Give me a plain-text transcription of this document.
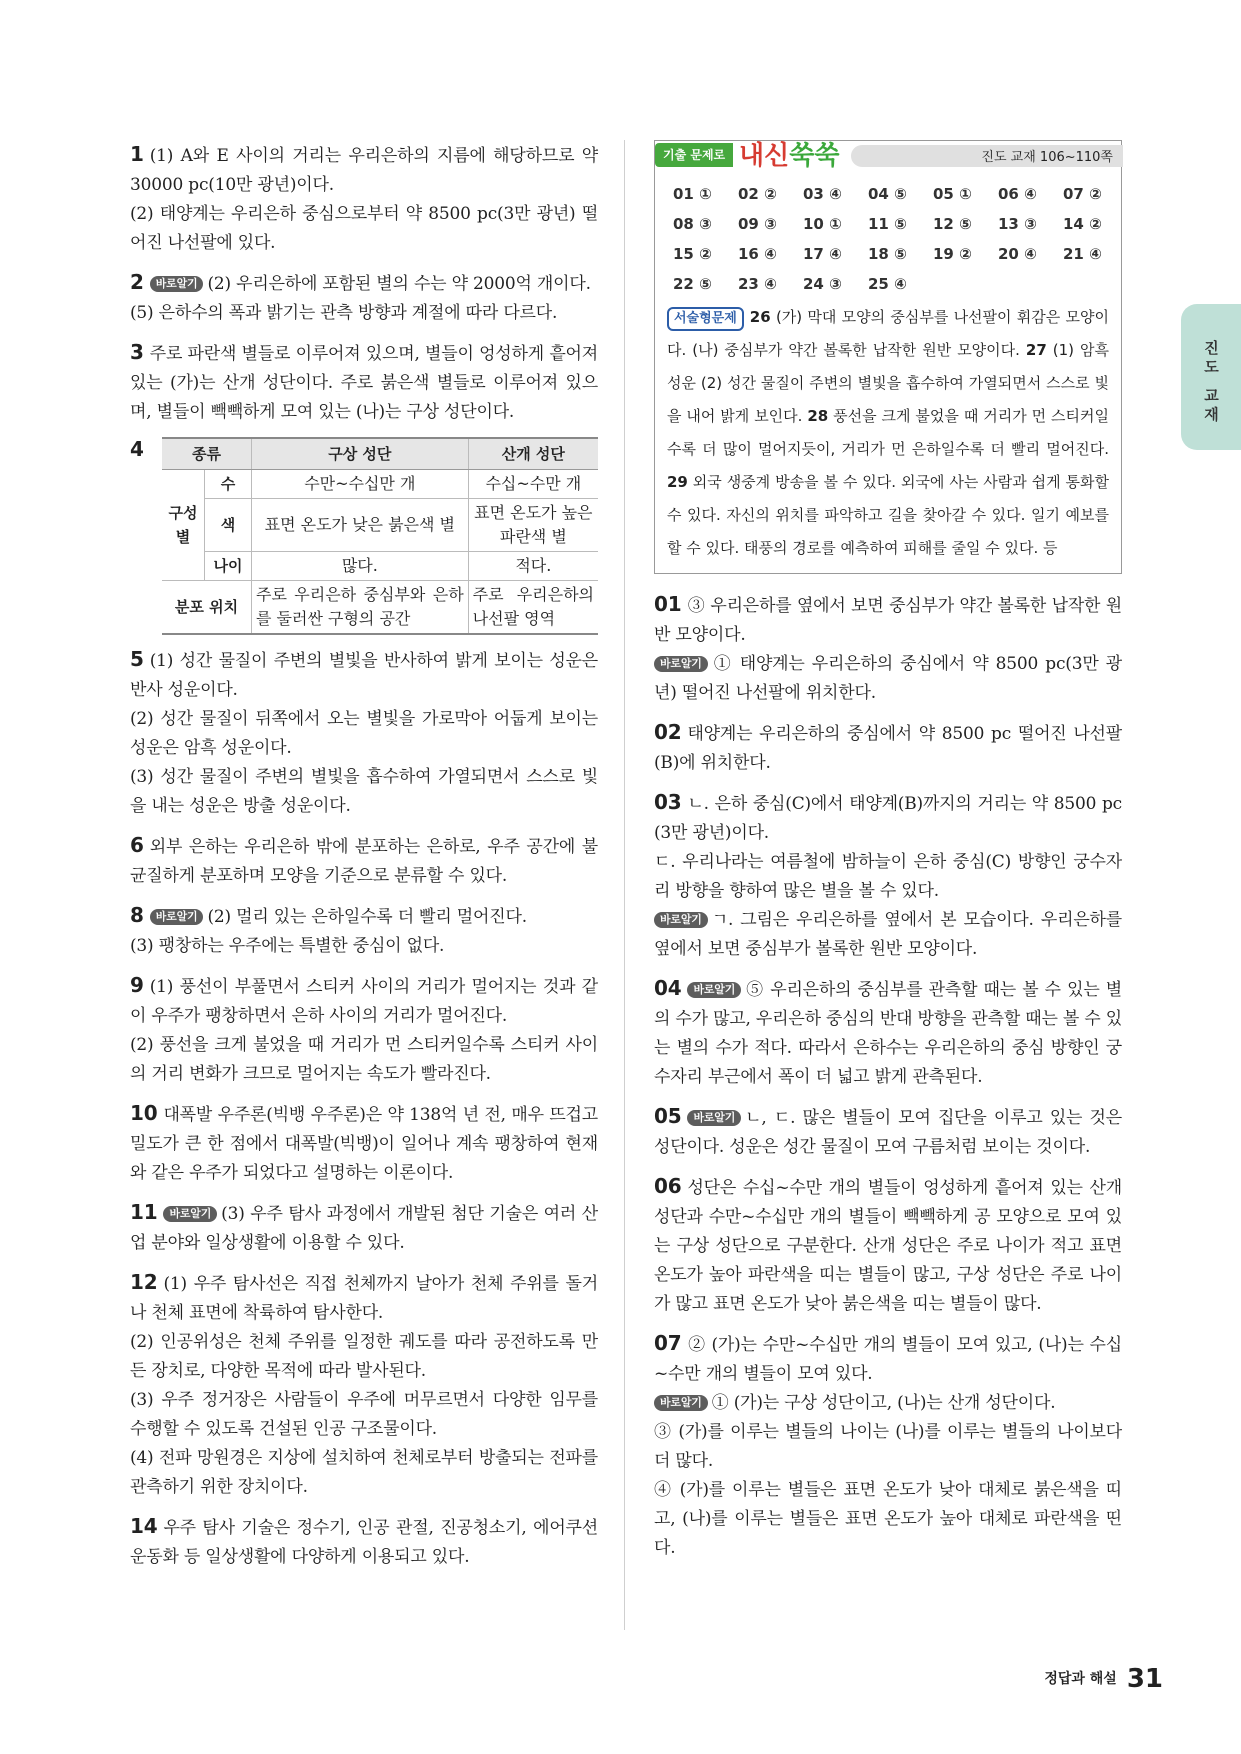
진도 교재

1 (1) A와 E 사이의 거리는 우리은하의 지름에 해당하므로 약 30000 pc(10만 광년)이다.

(2) 태양계는 우리은하 중심으로부터 약 8500 pc(3만 광년) 떨어진 나선팔에 있다.

2 바로알기 (2) 우리은하에 포함된 별의 수는 약 2000억 개이다.

(5) 은하수의 폭과 밝기는 관측 방향과 계절에 따라 다르다.

3 주로 파란색 별들로 이루어져 있으며, 별들이 엉성하게 흩어져 있는 (가)는 산개 성단이다. 주로 붉은색 별들로 이루어져 있으며, 별들이 빽빽하게 모여 있는 (나)는 구상 성단이다.

4	종류		구상 성단	산개 성단
구성 별	수	수만~수십만 개	수십~수만 개
	색	표면 온도가 낮은 붉은색 별	표면 온도가 높은 파란색 별
	나이	많다.	적다.
분포 위치		주로 우리은하 중심부와 은하를 둘러싼 구형의 공간	주로 우리은하의 나선팔 영역

5 (1) 성간 물질이 주변의 별빛을 반사하여 밝게 보이는 성운은 반사 성운이다.

(2) 성간 물질이 뒤쪽에서 오는 별빛을 가로막아 어둡게 보이는 성운은 암흑 성운이다.

(3) 성간 물질이 주변의 별빛을 흡수하여 가열되면서 스스로 빛을 내는 성운은 방출 성운이다.

6 외부 은하는 우리은하 밖에 분포하는 은하로, 우주 공간에 불균질하게 분포하며 모양을 기준으로 분류할 수 있다.

8 바로알기 (2) 멀리 있는 은하일수록 더 빨리 멀어진다.

(3) 팽창하는 우주에는 특별한 중심이 없다.

9 (1) 풍선이 부풀면서 스티커 사이의 거리가 멀어지는 것과 같이 우주가 팽창하면서 은하 사이의 거리가 멀어진다.

(2) 풍선을 크게 불었을 때 거리가 먼 스티커일수록 스티커 사이의 거리 변화가 크므로 멀어지는 속도가 빨라진다.

10 대폭발 우주론(빅뱅 우주론)은 약 138억 년 전, 매우 뜨겁고 밀도가 큰 한 점에서 대폭발(빅뱅)이 일어나 계속 팽창하여 현재와 같은 우주가 되었다고 설명하는 이론이다.

11 바로알기 (3) 우주 탐사 과정에서 개발된 첨단 기술은 여러 산업 분야와 일상생활에 이용할 수 있다.

12 (1) 우주 탐사선은 직접 천체까지 날아가 천체 주위를 돌거나 천체 표면에 착륙하여 탐사한다.

(2) 인공위성은 천체 주위를 일정한 궤도를 따라 공전하도록 만든 장치로, 다양한 목적에 따라 발사된다.

(3) 우주 정거장은 사람들이 우주에 머무르면서 다양한 임무를 수행할 수 있도록 건설된 인공 구조물이다.

(4) 전파 망원경은 지상에 설치하여 천체로부터 방출되는 전파를 관측하기 위한 장치이다.

14 우주 탐사 기술은 정수기, 인공 관절, 진공청소기, 에어쿠션 운동화 등 일상생활에 다양하게 이용되고 있다.

기출 문제로 내신쑥쑥	진도 교재 106~110쪽
01 ①	02 ②	03 ④	04 ⑤	05 ①	06 ④	07 ②
08 ③	09 ③	10 ①	11 ⑤	12 ⑤	13 ③	14 ②
15 ②	16 ④	17 ④	18 ⑤	19 ②	20 ④	21 ④
22 ⑤	23 ④	24 ③	25 ④
서술형문제 26 (가) 막대 모양의 중심부를 나선팔이 휘감은 모양이다. (나) 중심부가 약간 볼록한 납작한 원반 모양이다. 27 (1) 암흑 성운 (2) 성간 물질이 주변의 별빛을 흡수하여 가열되면서 스스로 빛을 내어 밝게 보인다. 28 풍선을 크게 불었을 때 거리가 먼 스티커일수록 더 많이 멀어지듯이, 거리가 먼 은하일수록 더 빨리 멀어진다. 29 외국 생중계 방송을 볼 수 있다. 외국에 사는 사람과 쉽게 통화할 수 있다. 자신의 위치를 파악하고 길을 찾아갈 수 있다. 일기 예보를 할 수 있다. 태풍의 경로를 예측하여 피해를 줄일 수 있다. 등

01 ③ 우리은하를 옆에서 보면 중심부가 약간 볼록한 납작한 원반 모양이다.

바로알기 ① 태양계는 우리은하의 중심에서 약 8500 pc(3만 광년) 떨어진 나선팔에 위치한다.

02 태양계는 우리은하의 중심에서 약 8500 pc 떨어진 나선팔(B)에 위치한다.

03 ㄴ. 은하 중심(C)에서 태양계(B)까지의 거리는 약 8500 pc (3만 광년)이다.

ㄷ. 우리나라는 여름철에 밤하늘이 은하 중심(C) 방향인 궁수자리 방향을 향하여 많은 별을 볼 수 있다.

바로알기 ㄱ. 그림은 우리은하를 옆에서 본 모습이다. 우리은하를 옆에서 보면 중심부가 볼록한 원반 모양이다.

04 바로알기 ⑤ 우리은하의 중심부를 관측할 때는 볼 수 있는 별의 수가 많고, 우리은하 중심의 반대 방향을 관측할 때는 볼 수 있는 별의 수가 적다. 따라서 은하수는 우리은하의 중심 방향인 궁수자리 부근에서 폭이 더 넓고 밝게 관측된다.

05 바로알기 ㄴ, ㄷ. 많은 별들이 모여 집단을 이루고 있는 것은 성단이다. 성운은 성간 물질이 모여 구름처럼 보이는 것이다.

06 성단은 수십~수만 개의 별들이 엉성하게 흩어져 있는 산개 성단과 수만~수십만 개의 별들이 빽빽하게 공 모양으로 모여 있는 구상 성단으로 구분한다. 산개 성단은 주로 나이가 적고 표면 온도가 높아 파란색을 띠는 별들이 많고, 구상 성단은 주로 나이가 많고 표면 온도가 낮아 붉은색을 띠는 별들이 많다.

07 ② (가)는 수만~수십만 개의 별들이 모여 있고, (나)는 수십~수만 개의 별들이 모여 있다.

바로알기 ① (가)는 구상 성단이고, (나)는 산개 성단이다.

③ (가)를 이루는 별들의 나이는 (나)를 이루는 별들의 나이보다 더 많다.

④ (가)를 이루는 별들은 표면 온도가 낮아 대체로 붉은색을 띠고, (나)를 이루는 별들은 표면 온도가 높아 대체로 파란색을 띤다.

정답과 해설 31
